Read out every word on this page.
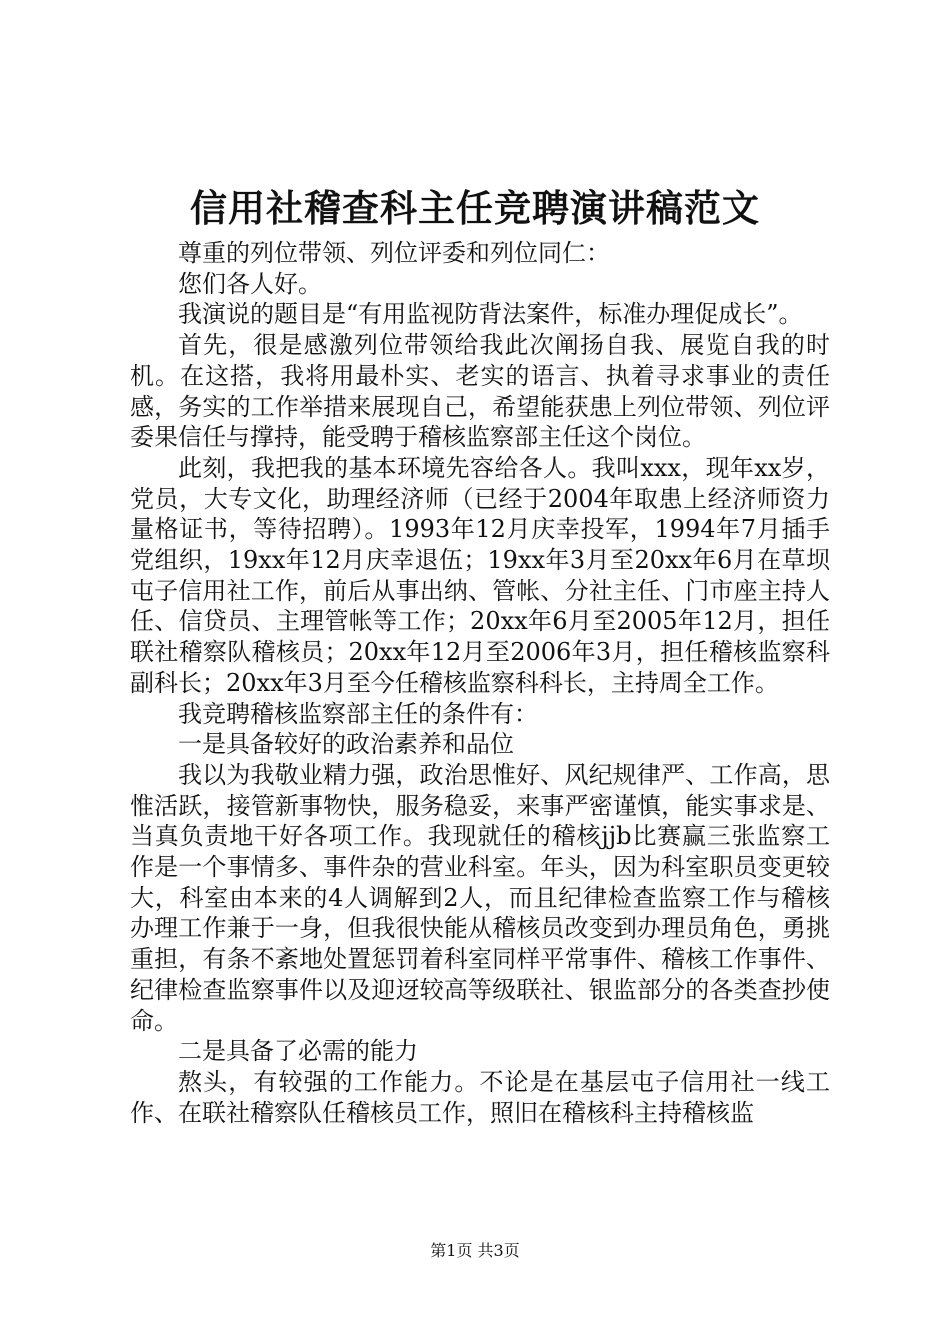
信用社稽查科主任竞聘演讲稿范文

尊重的列位带领、列位评委和列位同仁：

您们各人好。

我演说的题目是“有用监视防背法案件，标准办理促成长”。

首先，很是感激列位带领给我此次阐扬自我、展览自我的时机。在这搭，我将用最朴实、老实的语言、执着寻求事业的责任感，务实的工作举措来展现自己，希望能获患上列位带领、列位评委果信任与撑持，能受聘于稽核监察部主任这个岗位。

此刻，我把我的基本环境先容给各人。我叫xxx，现年xx岁，党员，大专文化，助理经济师（已经于2004年取患上经济师资力量格证书，等待招聘）。1993年12月庆幸投军，1994年7月插手党组织，19xx年12月庆幸退伍；19xx年3月至20xx年6月在草坝屯子信用社工作，前后从事出纳、管帐、分社主任、门市座主持人任、信贷员、主理管帐等工作；20xx年6月至2005年12月，担任联社稽察队稽核员；20xx年12月至2006年3月，担任稽核监察科副科长；20xx年3月至今任稽核监察科科长，主持周全工作。

我竞聘稽核监察部主任的条件有：

一是具备较好的政治素养和品位

我以为我敬业精力强，政治思惟好、风纪规律严、工作高，思惟活跃，接管新事物快，服务稳妥，来事严密谨慎，能实事求是、当真负责地干好各项工作。我现就任的稽核jjb比赛赢三张监察工作是一个事情多、事件杂的营业科室。年头，因为科室职员变更较大，科室由本来的4人调解到2人，而且纪律检查监察工作与稽核办理工作兼于一身，但我很快能从稽核员改变到办理员角色，勇挑重担，有条不紊地处置惩罚着科室同样平常事件、稽核工作事件、纪律检查监察事件以及迎迓较高等级联社、银监部分的各类查抄使命。

二是具备了必需的能力

熬头，有较强的工作能力。不论是在基层屯子信用社一线工作、在联社稽察队任稽核员工作，照旧在稽核科主持稽核监

第1页 共3页
